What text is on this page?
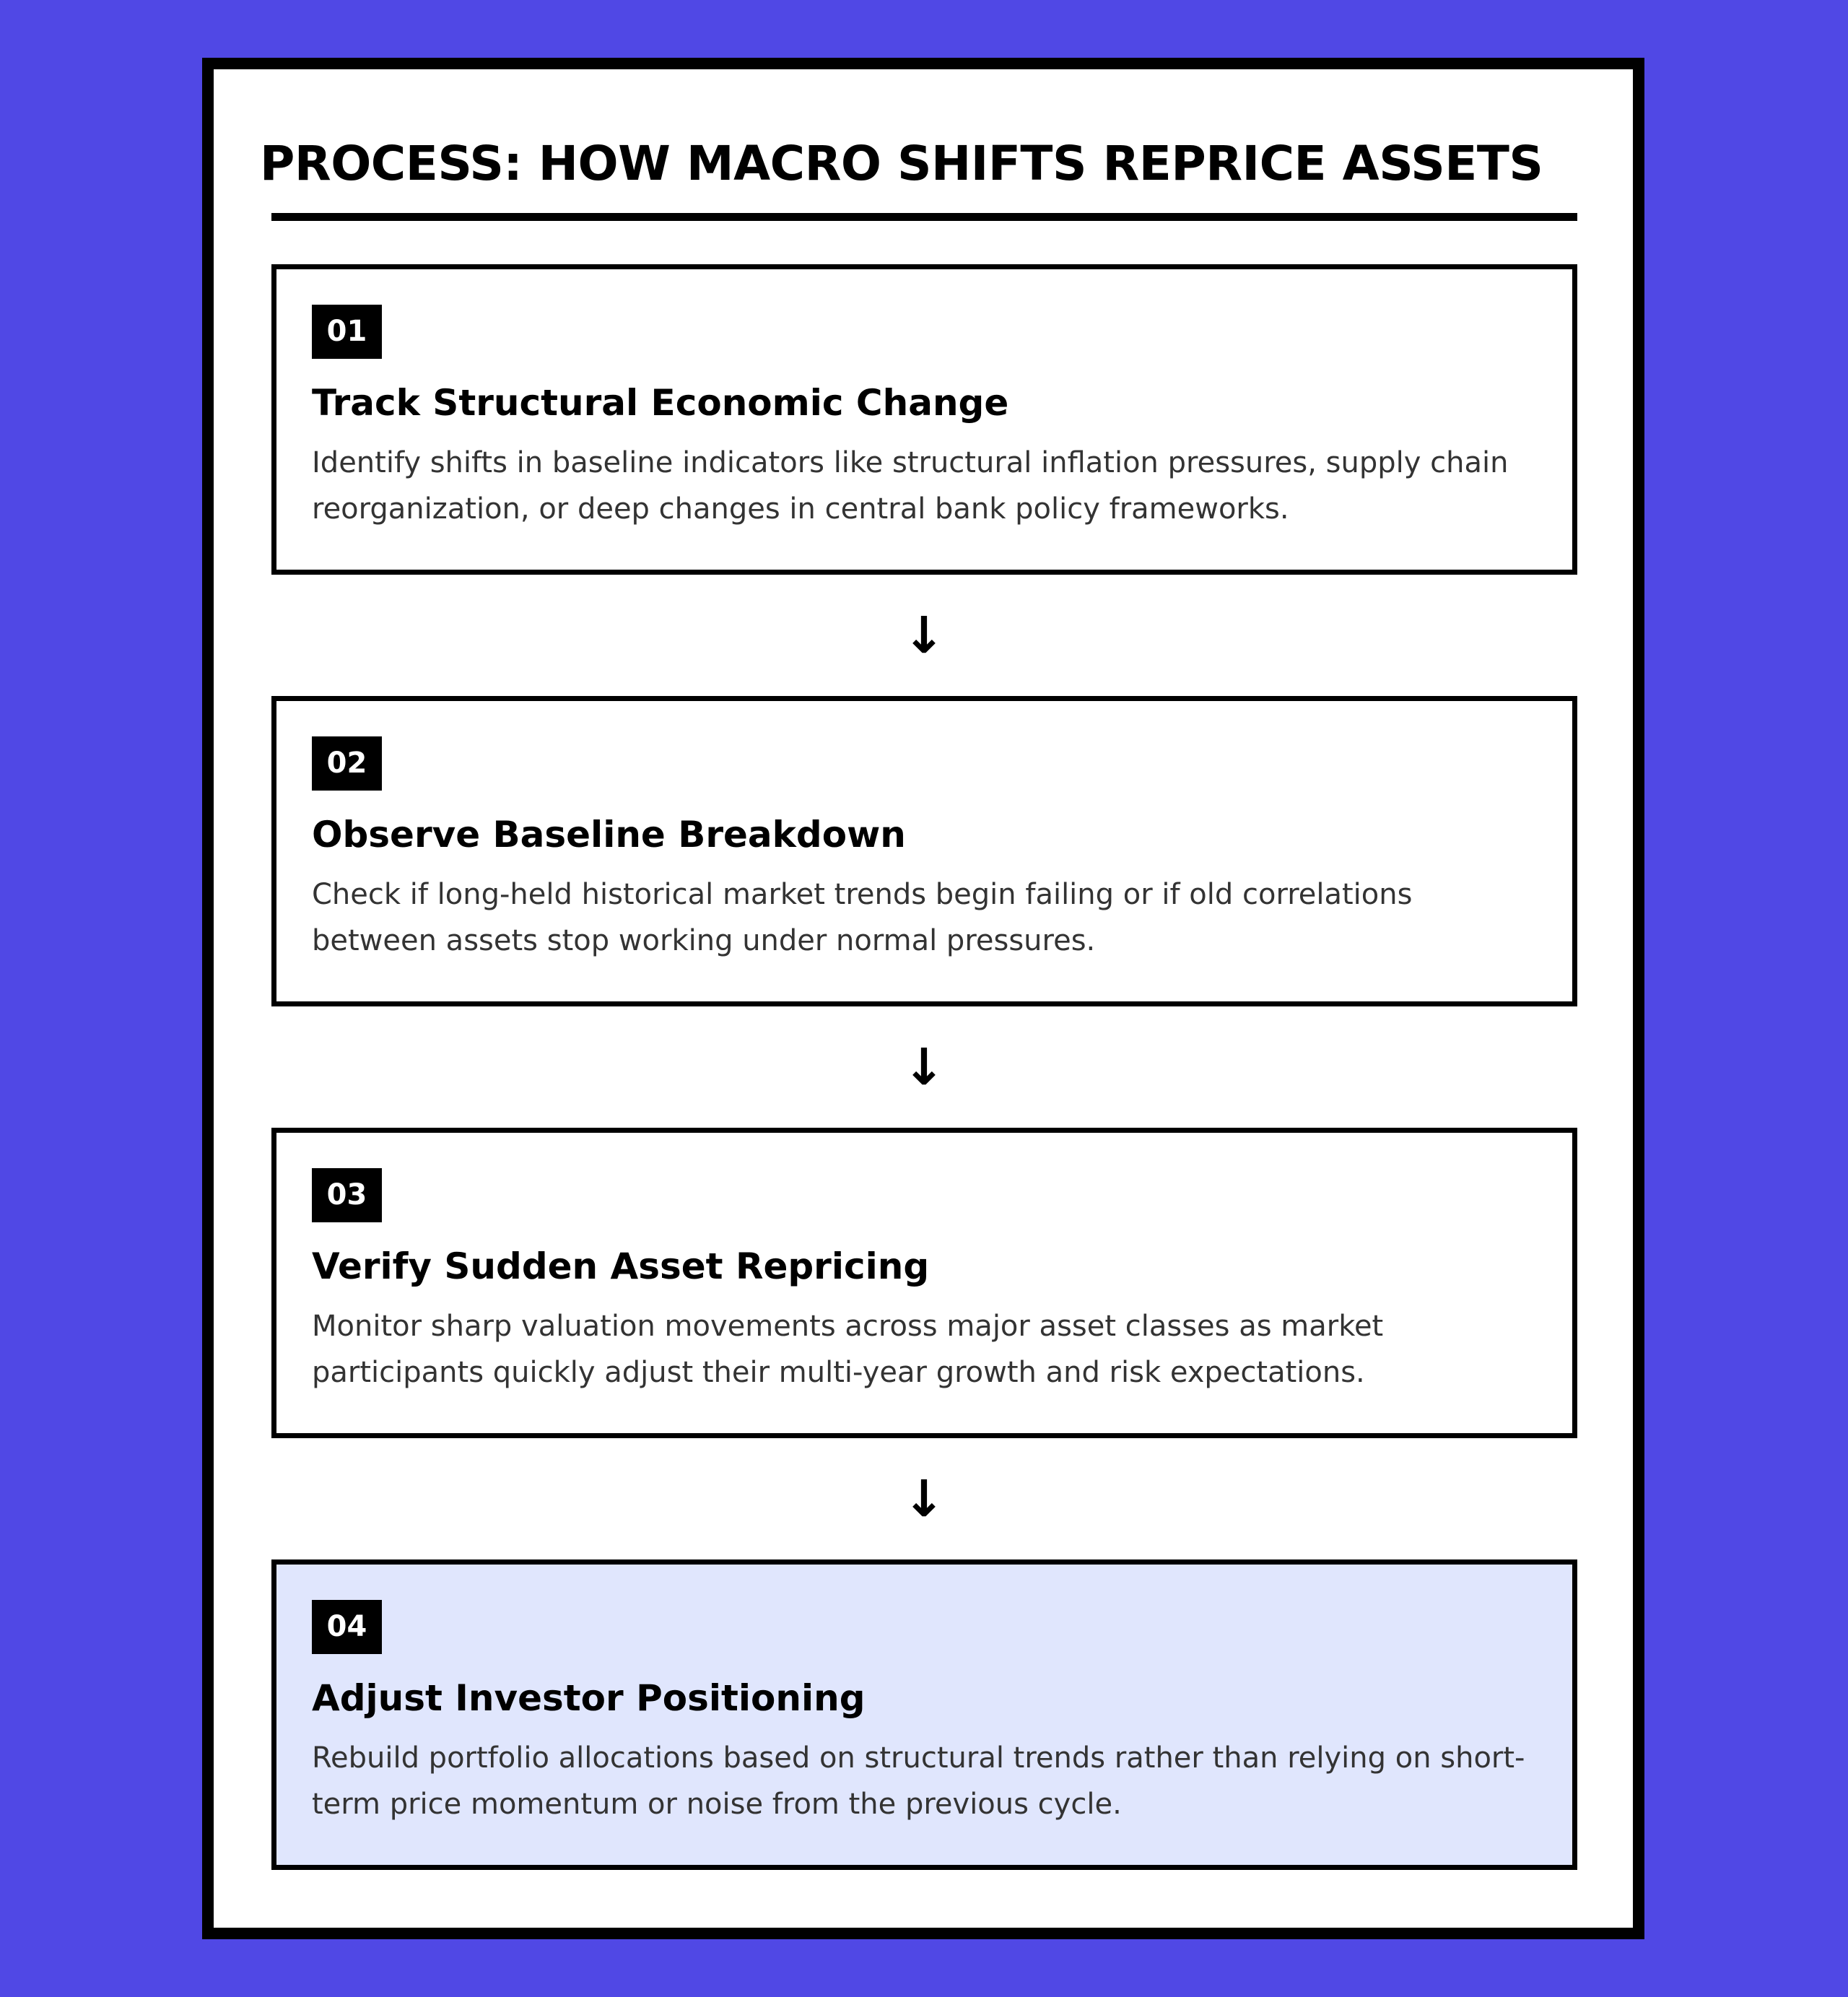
PROCESS: HOW MACRO SHIFTS REPRICE ASSETS
01
Track Structural Economic Change

Identify shifts in baseline indicators like structural inflation pressures, supply chain reorganization, or deep changes in central bank policy frameworks.

↓
02
Observe Baseline Breakdown

Check if long-held historical market trends begin failing or if old correlations between assets stop working under normal pressures.

↓
03
Verify Sudden Asset Repricing

Monitor sharp valuation movements across major asset classes as market participants quickly adjust their multi-year growth and risk expectations.

↓
04
Adjust Investor Positioning

Rebuild portfolio allocations based on structural trends rather than relying on short-term price momentum or noise from the previous cycle.
